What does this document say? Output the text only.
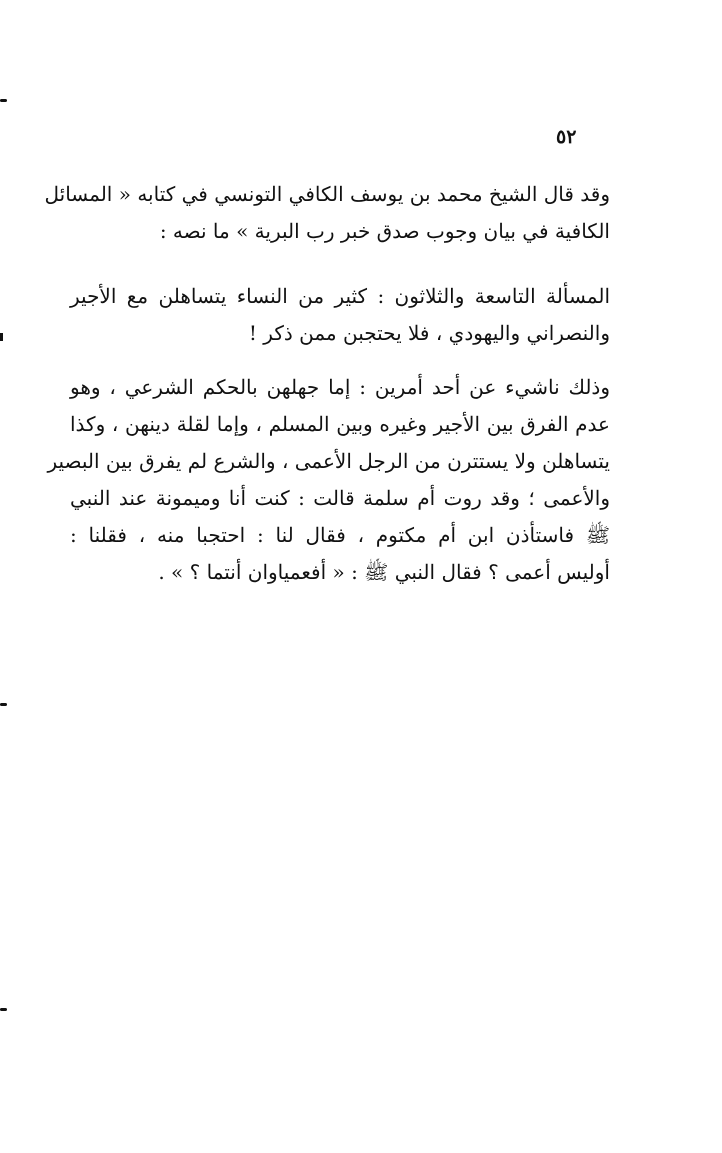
٥٢
وقد قال الشيخ محمد بن يوسف الكافي التونسي في كتابه « المسائل
الكافية في بيان وجوب صدق خبر رب البرية » ما نصه :
المسألة التاسعة والثلاثون : كثير من النساء يتساهلن مع الأجير
والنصراني واليهودي ، فلا يحتجبن ممن ذكر !
وذلك ناشيء عن أحد أمرين : إما جهلهن بالحكم الشرعي ، وهو
عدم الفرق بين الأجير وغيره وبين المسلم ، وإما لقلة دينهن ، وكذا
يتساهلن ولا يستترن من الرجل الأعمى ، والشرع لم يفرق بين البصير
والأعمى ؛ وقد روت أم سلمة قالت : كنت أنا وميمونة عند النبي
ﷺ فاستأذن ابن أم مكتوم ، فقال لنا : احتجبا منه ، فقلنا :
أوليس أعمى ؟ فقال النبي ﷺ : « أفعمياوان أنتما ؟ » .
